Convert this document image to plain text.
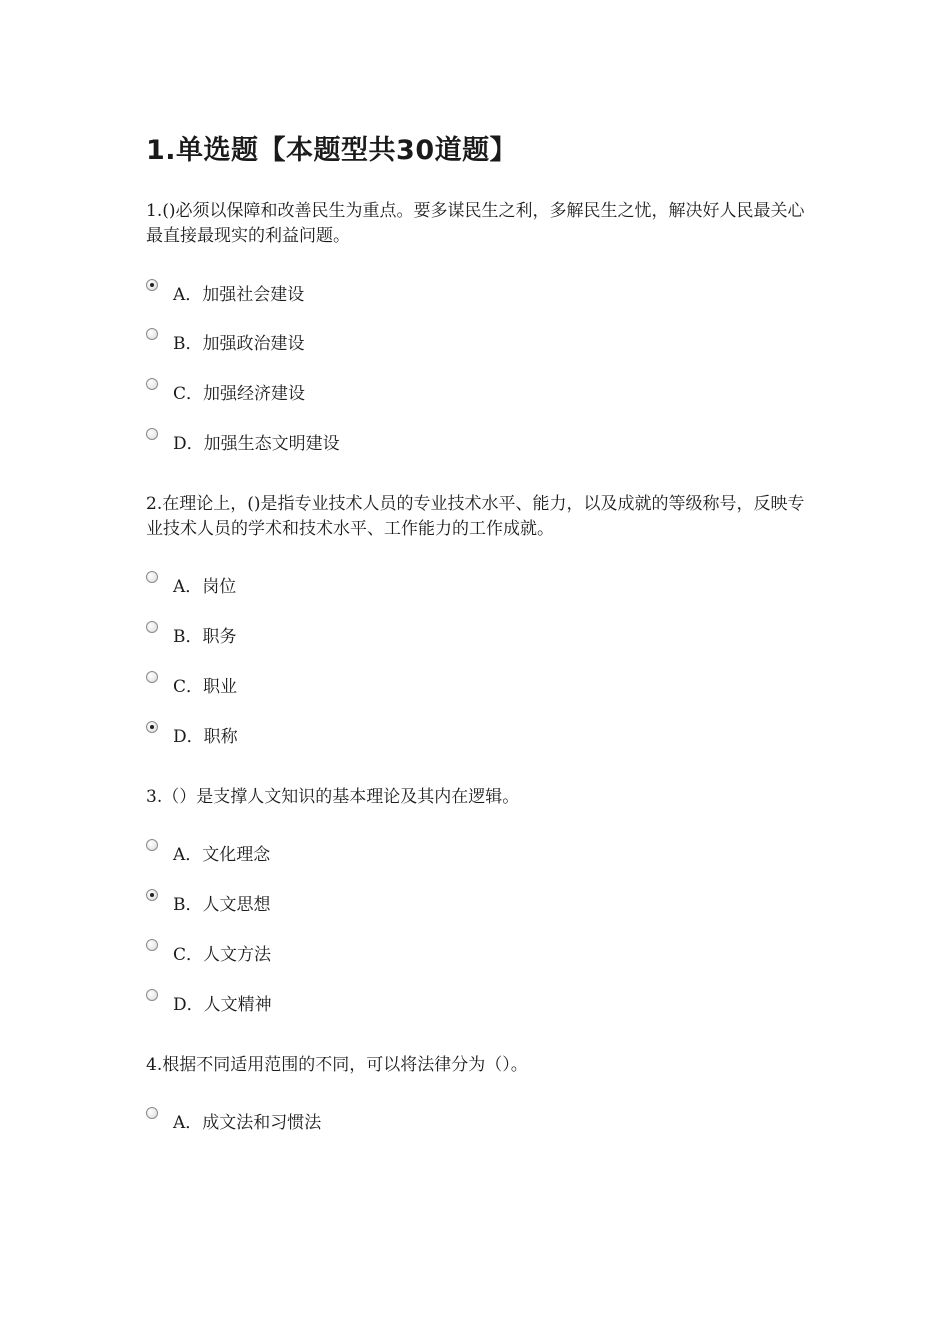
1.单选题【本题型共30道题】
1.()必须以保障和改善民生为重点。要多谋民生之利，多解民生之忧，解决好人民最关心最直接最现实的利益问题。
A．加强社会建设
B．加强政治建设
C．加强经济建设
D．加强生态文明建设
2.在理论上，()是指专业技术人员的专业技术水平、能力，以及成就的等级称号，反映专业技术人员的学术和技术水平、工作能力的工作成就。
A．岗位
B．职务
C．职业
D．职称
3.（）是支撑人文知识的基本理论及其内在逻辑。
A．文化理念
B．人文思想
C．人文方法
D．人文精神
4.根据不同适用范围的不同，可以将法律分为（）。
A．成文法和习惯法
